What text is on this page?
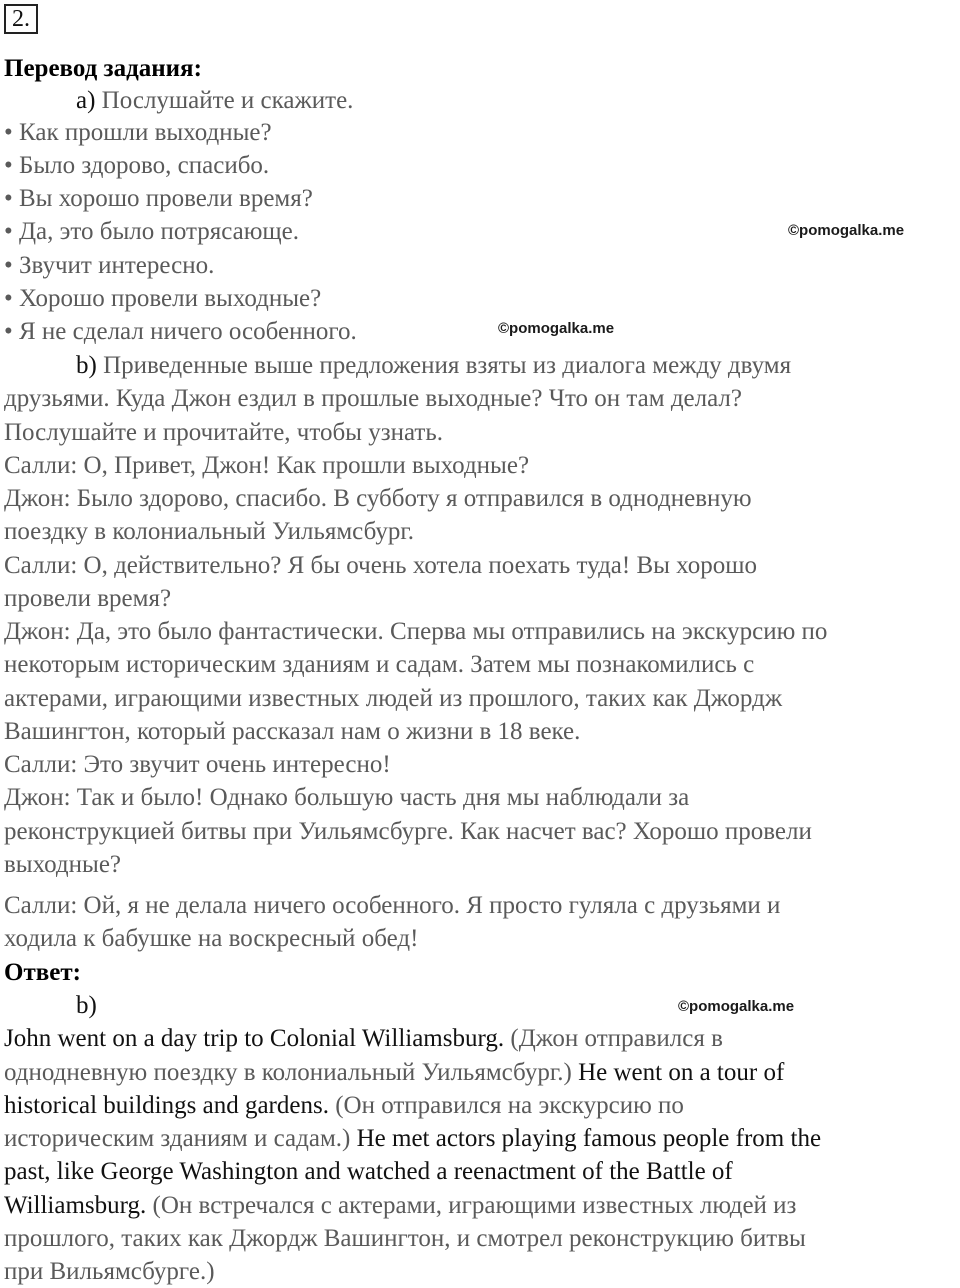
2.

Перевод задания:

а) Послушайте и скажите.

• Как прошли выходные?

• Было здорово, спасибо.

• Вы хорошо провели время?

• Да, это было потрясающе.

• Звучит интересно.

• Хорошо провели выходные?

• Я не сделал ничего особенного.

©pomogalka.me
©pomogalka.me

b) Приведенные выше предложения взяты из диалога между двумя

друзьями. Куда Джон ездил в прошлые выходные? Что он там делал?

Послушайте и прочитайте, чтобы узнать.

Салли: О, Привет, Джон! Как прошли выходные?

Джон: Было здорово, спасибо. В субботу я отправился в однодневную

поездку в колониальный Уильямсбург.

Салли: О, действительно? Я бы очень хотела поехать туда! Вы хорошо

провели время?

Джон: Да, это было фантастически. Сперва мы отправились на экскурсию по

некоторым историческим зданиям и садам. Затем мы познакомились с

актерами, играющими известных людей из прошлого, таких как Джордж

Вашингтон, который рассказал нам о жизни в 18 веке.

Салли: Это звучит очень интересно!

Джон: Так и было! Однако большую часть дня мы наблюдали за

реконструкцией битвы при Уильямсбурге. Как насчет вас? Хорошо провели

выходные?

Салли: Ой, я не делала ничего особенного. Я просто гуляла с друзьями и

ходила к бабушке на воскресный обед!

Ответ:

b)	©pomogalka.me

John went on a day trip to Colonial Williamsburg. (Джон отправился в

однодневную поездку в колониальный Уильямсбург.) He went on a tour of

historical buildings and gardens. (Он отправился на экскурсию по

историческим зданиям и садам.) He met actors playing famous people from the

past, like George Washington and watched a reenactment of the Battle of

Williamsburg. (Он встречался с актерами, играющими известных людей из

прошлого, таких как Джордж Вашингтон, и смотрел реконструкцию битвы

при Вильямсбурге.)
